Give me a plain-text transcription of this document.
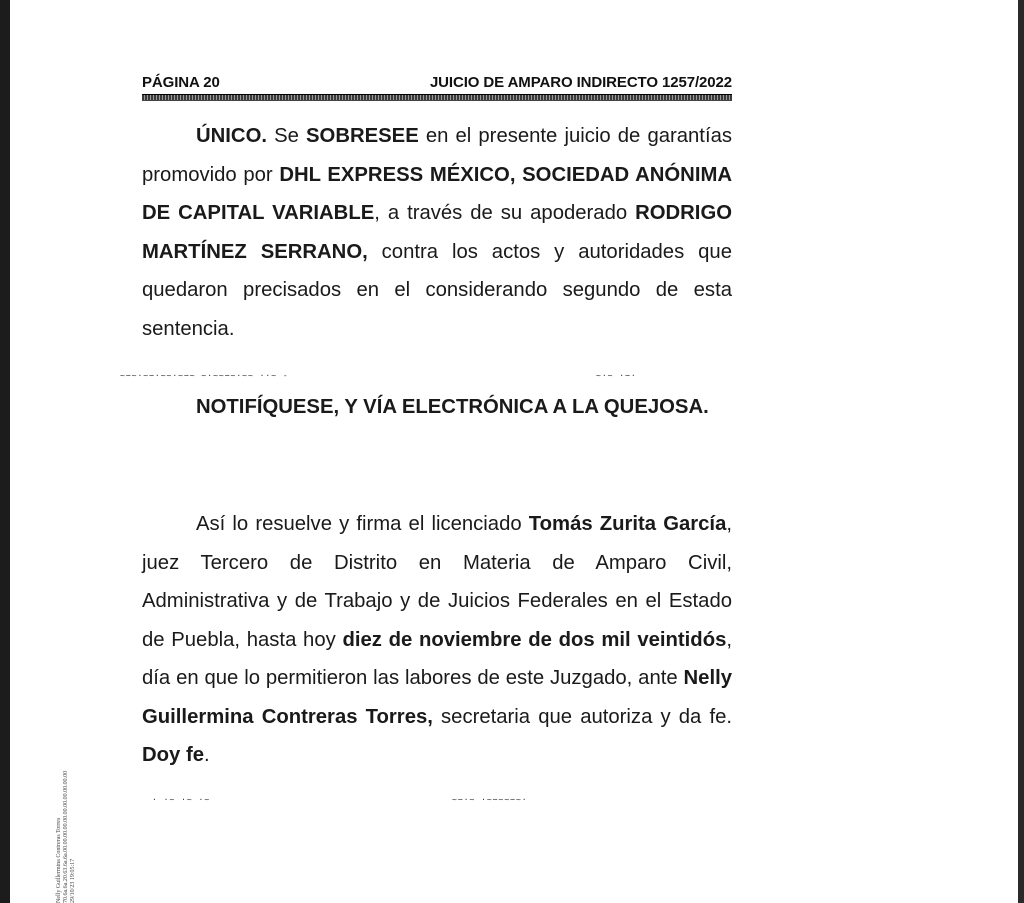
PÁGINA 20	JUICIO DE AMPARO INDIRECTO 1257/2022
ÚNICO. Se SOBRESEE en el presente juicio de garantías promovido por DHL EXPRESS MÉXICO, SOCIEDAD ANÓNIMA DE CAPITAL VARIABLE, a través de su apoderado RODRIGO MARTÍNEZ SERRANO, contra los actos y autoridades que quedaron precisados en el considerando segundo de esta sentencia.
NOTIFÍQUESE, Y VÍA ELECTRÓNICA A LA QUEJOSA.
Así lo resuelve y firma el licenciado Tomás Zurita García, juez Tercero de Distrito en Materia de Amparo Civil, Administrativa y de Trabajo y de Juicios Federales en el Estado de Puebla, hasta hoy diez de noviembre de dos mil veintidós, día en que lo permitieron las labores de este Juzgado, ante Nelly Guillermina Contreras Torres, secretaria que autoriza y da fe. Doy fe.
Nelly Guillermina Contreras Torres 70.6a.6a.20.63.6a.6a.00.00.00.00.00.00.00.00.00.00.00 29/10/23 19:05:17
